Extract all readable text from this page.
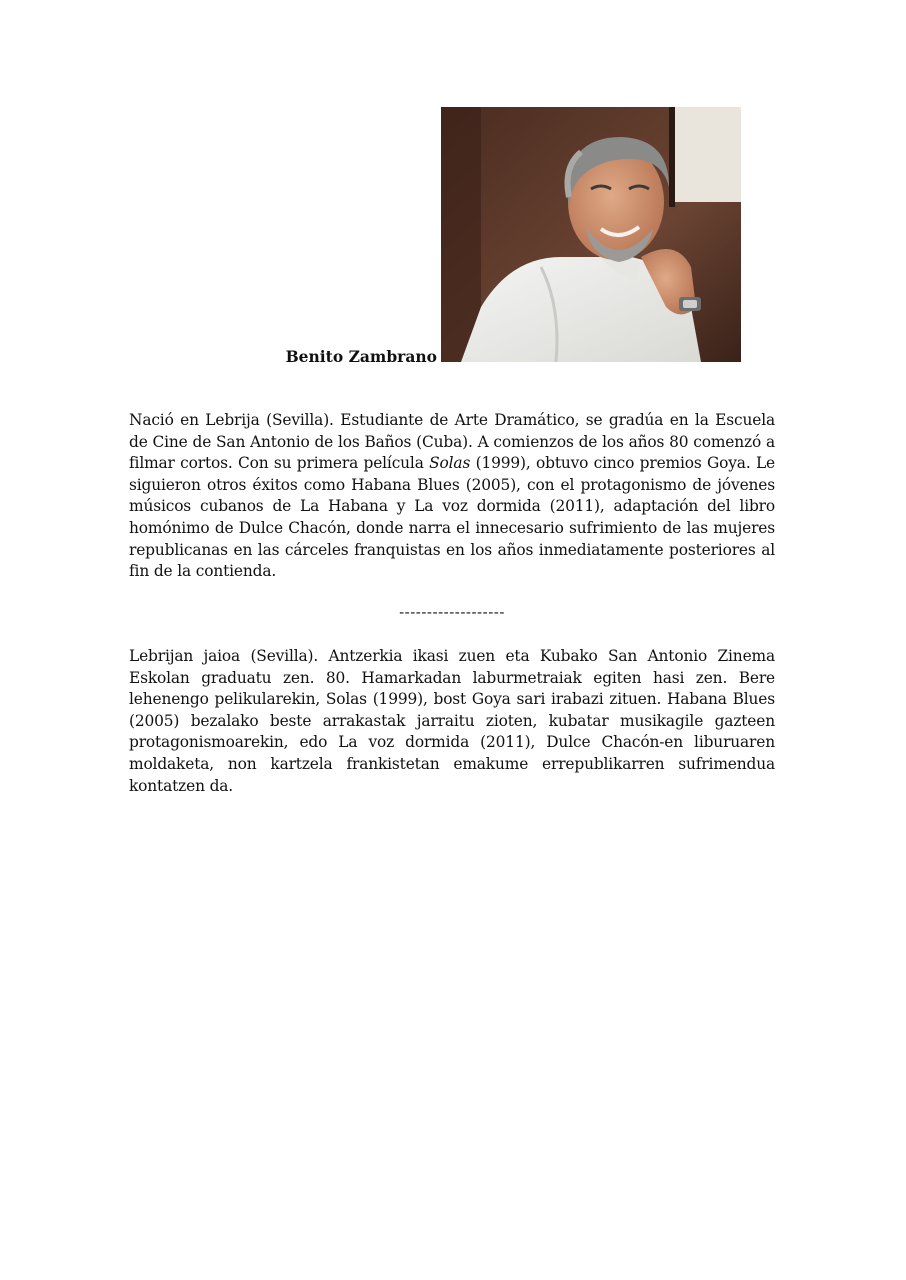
Benito Zambrano

Nació en Lebrija (Sevilla). Estudiante de Arte Dramático, se gradúa en la Escuela de Cine de San Antonio de los Baños (Cuba). A comienzos de los años 80 comenzó a filmar cortos. Con su primera película Solas (1999), obtuvo cinco premios Goya. Le siguieron otros éxitos como Habana Blues (2005), con el protagonismo de jóvenes músicos cubanos de La Habana y La voz dormida (2011), adaptación del libro homónimo de Dulce Chacón, donde narra el innecesario sufrimiento de las mujeres republicanas en las cárceles franquistas en los años inmediatamente posteriores al fin de la contienda.

-------------------

Lebrijan jaioa (Sevilla). Antzerkia ikasi zuen eta Kubako San Antonio Zinema Eskolan graduatu zen. 80. Hamarkadan laburmetraiak egiten hasi zen. Bere lehenengo pelikularekin, Solas (1999), bost Goya sari irabazi zituen. Habana Blues (2005) bezalako beste arrakastak jarraitu zioten, kubatar musikagile gazteen protagonismoarekin, edo La voz dormida (2011), Dulce Chacón-en liburuaren moldaketa, non kartzela frankistetan emakume errepublikarren sufrimendua kontatzen da.
